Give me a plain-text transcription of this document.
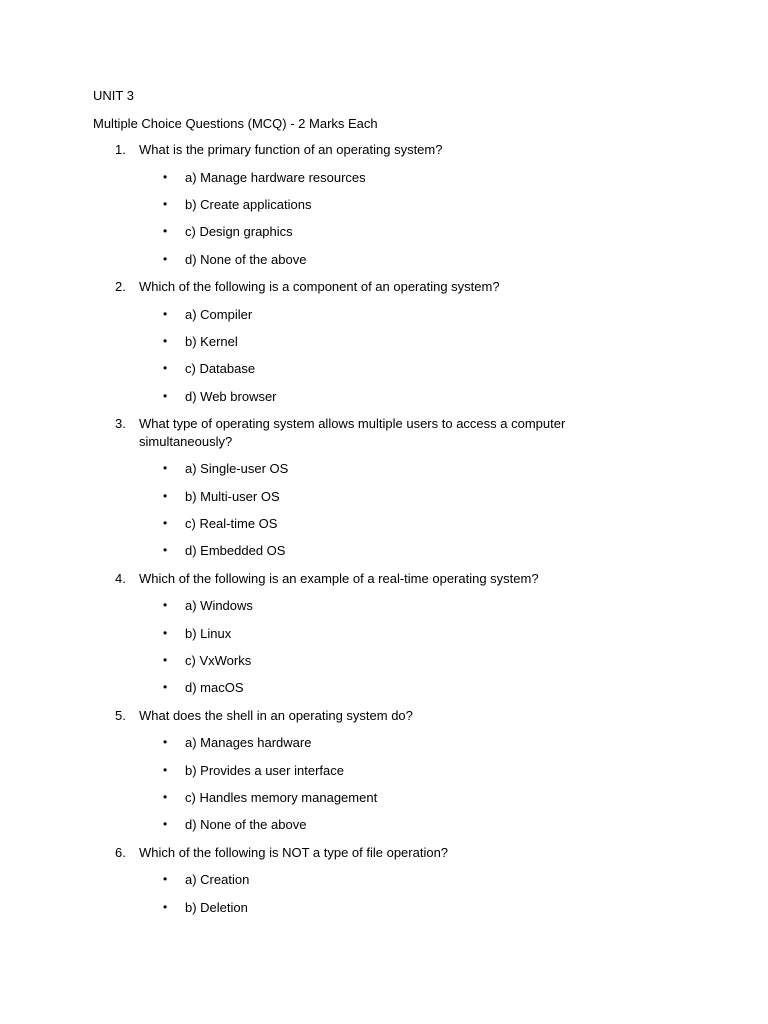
UNIT 3
Multiple Choice Questions (MCQ) - 2 Marks Each
1. What is the primary function of an operating system?
• a) Manage hardware resources
• b) Create applications
• c) Design graphics
• d) None of the above
2. Which of the following is a component of an operating system?
• a) Compiler
• b) Kernel
• c) Database
• d) Web browser
3. What type of operating system allows multiple users to access a computer simultaneously?
• a) Single-user OS
• b) Multi-user OS
• c) Real-time OS
• d) Embedded OS
4. Which of the following is an example of a real-time operating system?
• a) Windows
• b) Linux
• c) VxWorks
• d) macOS
5. What does the shell in an operating system do?
• a) Manages hardware
• b) Provides a user interface
• c) Handles memory management
• d) None of the above
6. Which of the following is NOT a type of file operation?
• a) Creation
• b) Deletion
